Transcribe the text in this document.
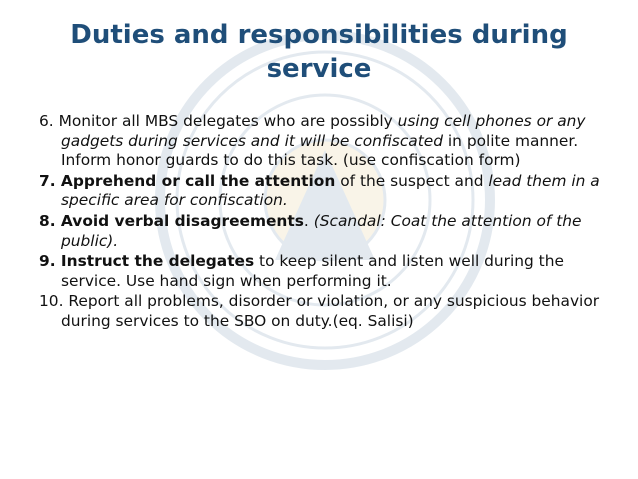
Duties and responsibilities during service

6. Monitor all MBS delegates who are possibly using cell phones or any gadgets during services and it will be confiscated in polite manner. Inform honor guards to do this task. (use confiscation form)

7. Apprehend or call the attention of the suspect and lead them in a specific area for confiscation.

8. Avoid verbal disagreements. (Scandal: Coat the attention of the public).

9. Instruct the delegates to keep silent and listen well during the service. Use hand sign when performing it.

10. Report all problems, disorder or violation, or any suspicious behavior during services to the SBO on duty.(eq. Salisi)
